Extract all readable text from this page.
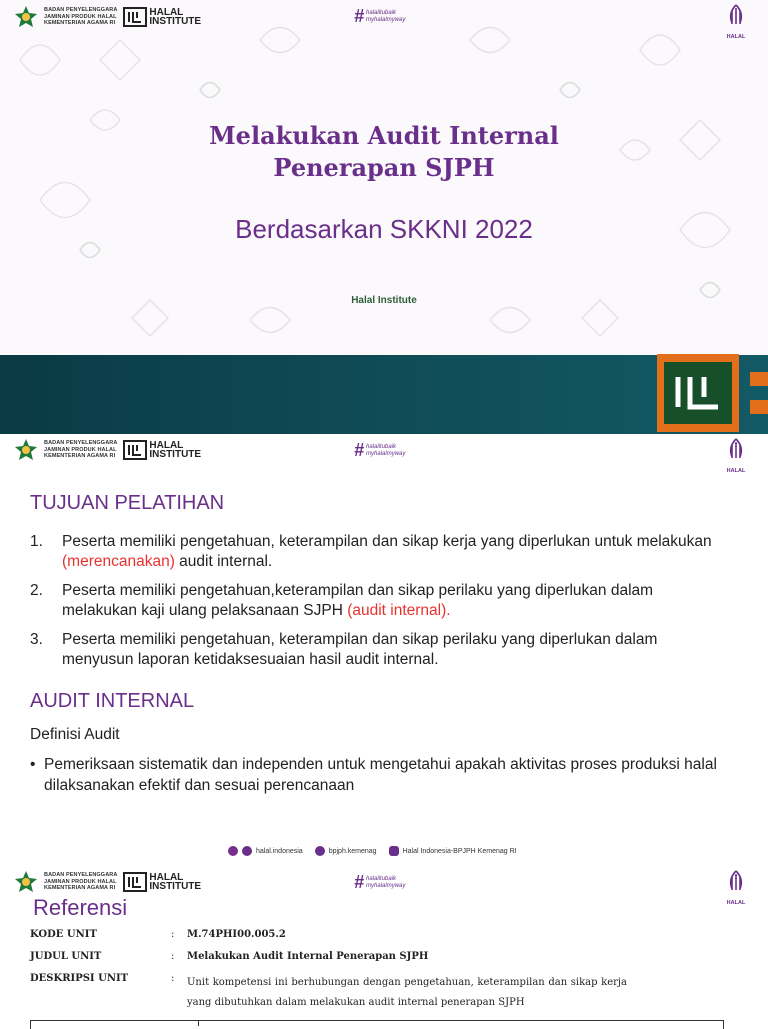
BADAN PENYELENGGARA
JAMINAN PRODUK HALAL
KEMENTERIAN AGAMA RI
HALAL
INSTITUTE	# halalitubaik
myhalalmyway
HALAL
Melakukan Audit Internal
Penerapan SJPH
Berdasarkan SKKNI 2022
Halal Institute
BADAN PENYELENGGARA
JAMINAN PRODUK HALAL
KEMENTERIAN AGAMA RI
HALAL
INSTITUTE	# halalitubaik
myhalalmyway
HALAL
TUJUAN PELATIHAN
1.	Peserta memiliki pengetahuan, keterampilan dan sikap kerja yang diperlukan untuk melakukan (merencanakan) audit internal.
2.	Peserta memiliki pengetahuan,keterampilan dan sikap perilaku yang diperlukan dalam melakukan kaji ulang pelaksanaan SJPH (audit internal).
3.	Peserta memiliki pengetahuan, keterampilan dan sikap perilaku yang diperlukan dalam menyusun laporan ketidaksesuaian hasil audit internal.
AUDIT INTERNAL
Definisi Audit
• Pemeriksaan sistematik dan independen untuk mengetahui apakah aktivitas proses produksi halal dilaksanakan efektif dan sesuai perencanaan
halal.indonesia	bpjph.kemenag	Halal Indonesia-BPJPH Kemenag RI
BADAN PENYELENGGARA
JAMINAN PRODUK HALAL
KEMENTERIAN AGAMA RI
HALAL
INSTITUTE	# halalitubaik
myhalalmyway
HALAL
Referensi
KODE UNIT	: M.74PHI00.005.2
JUDUL UNIT	: Melakukan Audit Internal Penerapan SJPH
DESKRIPSI UNIT	: Unit kompetensi ini berhubungan dengan pengetahuan, keterampilan dan sikap kerja yang dibutuhkan dalam melakukan audit internal penerapan SJPH
